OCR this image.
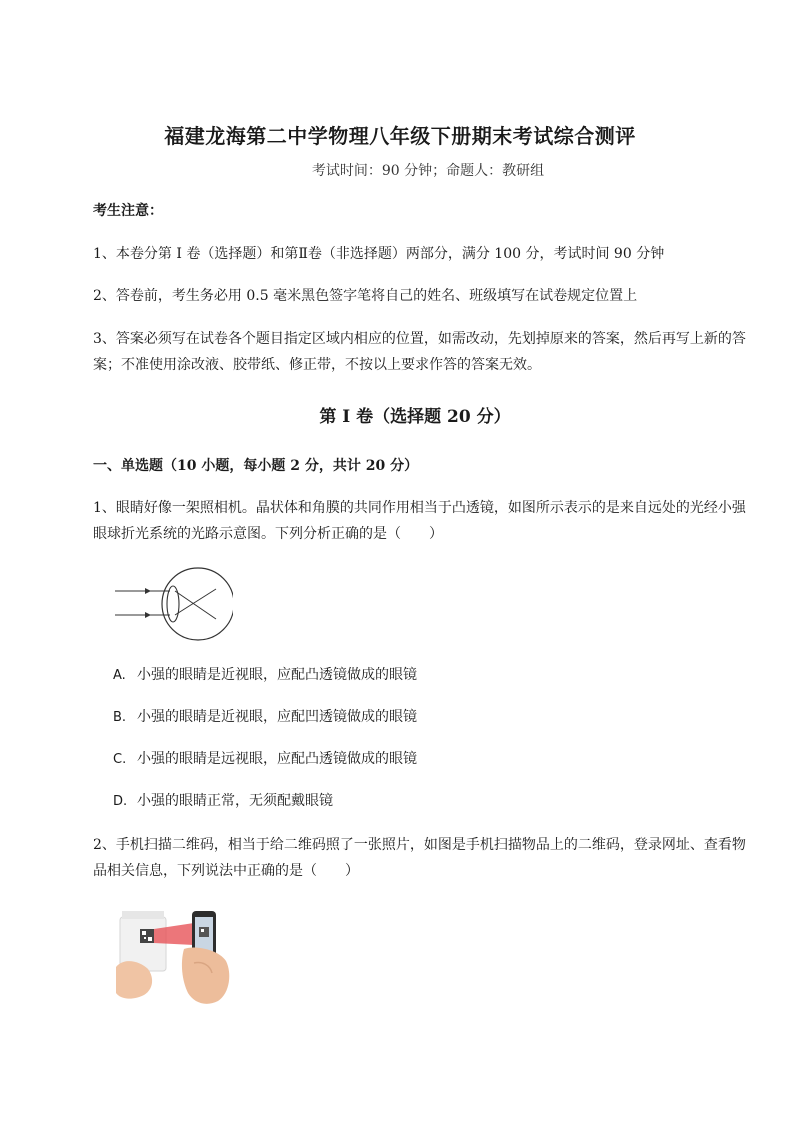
福建龙海第二中学物理八年级下册期末考试综合测评
考试时间：90 分钟；命题人：教研组
考生注意：
1、本卷分第 I 卷（选择题）和第Ⅱ卷（非选择题）两部分，满分 100 分，考试时间 90 分钟
2、答卷前，考生务必用 0.5 毫米黑色签字笔将自己的姓名、班级填写在试卷规定位置上
3、答案必须写在试卷各个题目指定区域内相应的位置，如需改动，先划掉原来的答案，然后再写上新的答案；不准使用涂改液、胶带纸、修正带，不按以上要求作答的答案无效。
第 I 卷（选择题 20 分）
一、单选题（10 小题，每小题 2 分，共计 20 分）
1、眼睛好像一架照相机。晶状体和角膜的共同作用相当于凸透镜，如图所示表示的是来自远处的光经小强眼球折光系统的光路示意图。下列分析正确的是（　　）
A. 小强的眼睛是近视眼，应配凸透镜做成的眼镜
B. 小强的眼睛是近视眼，应配凹透镜做成的眼镜
C. 小强的眼睛是远视眼，应配凸透镜做成的眼镜
D. 小强的眼睛正常，无须配戴眼镜
2、手机扫描二维码，相当于给二维码照了一张照片，如图是手机扫描物品上的二维码，登录网址、查看物品相关信息，下列说法中正确的是（　　）
